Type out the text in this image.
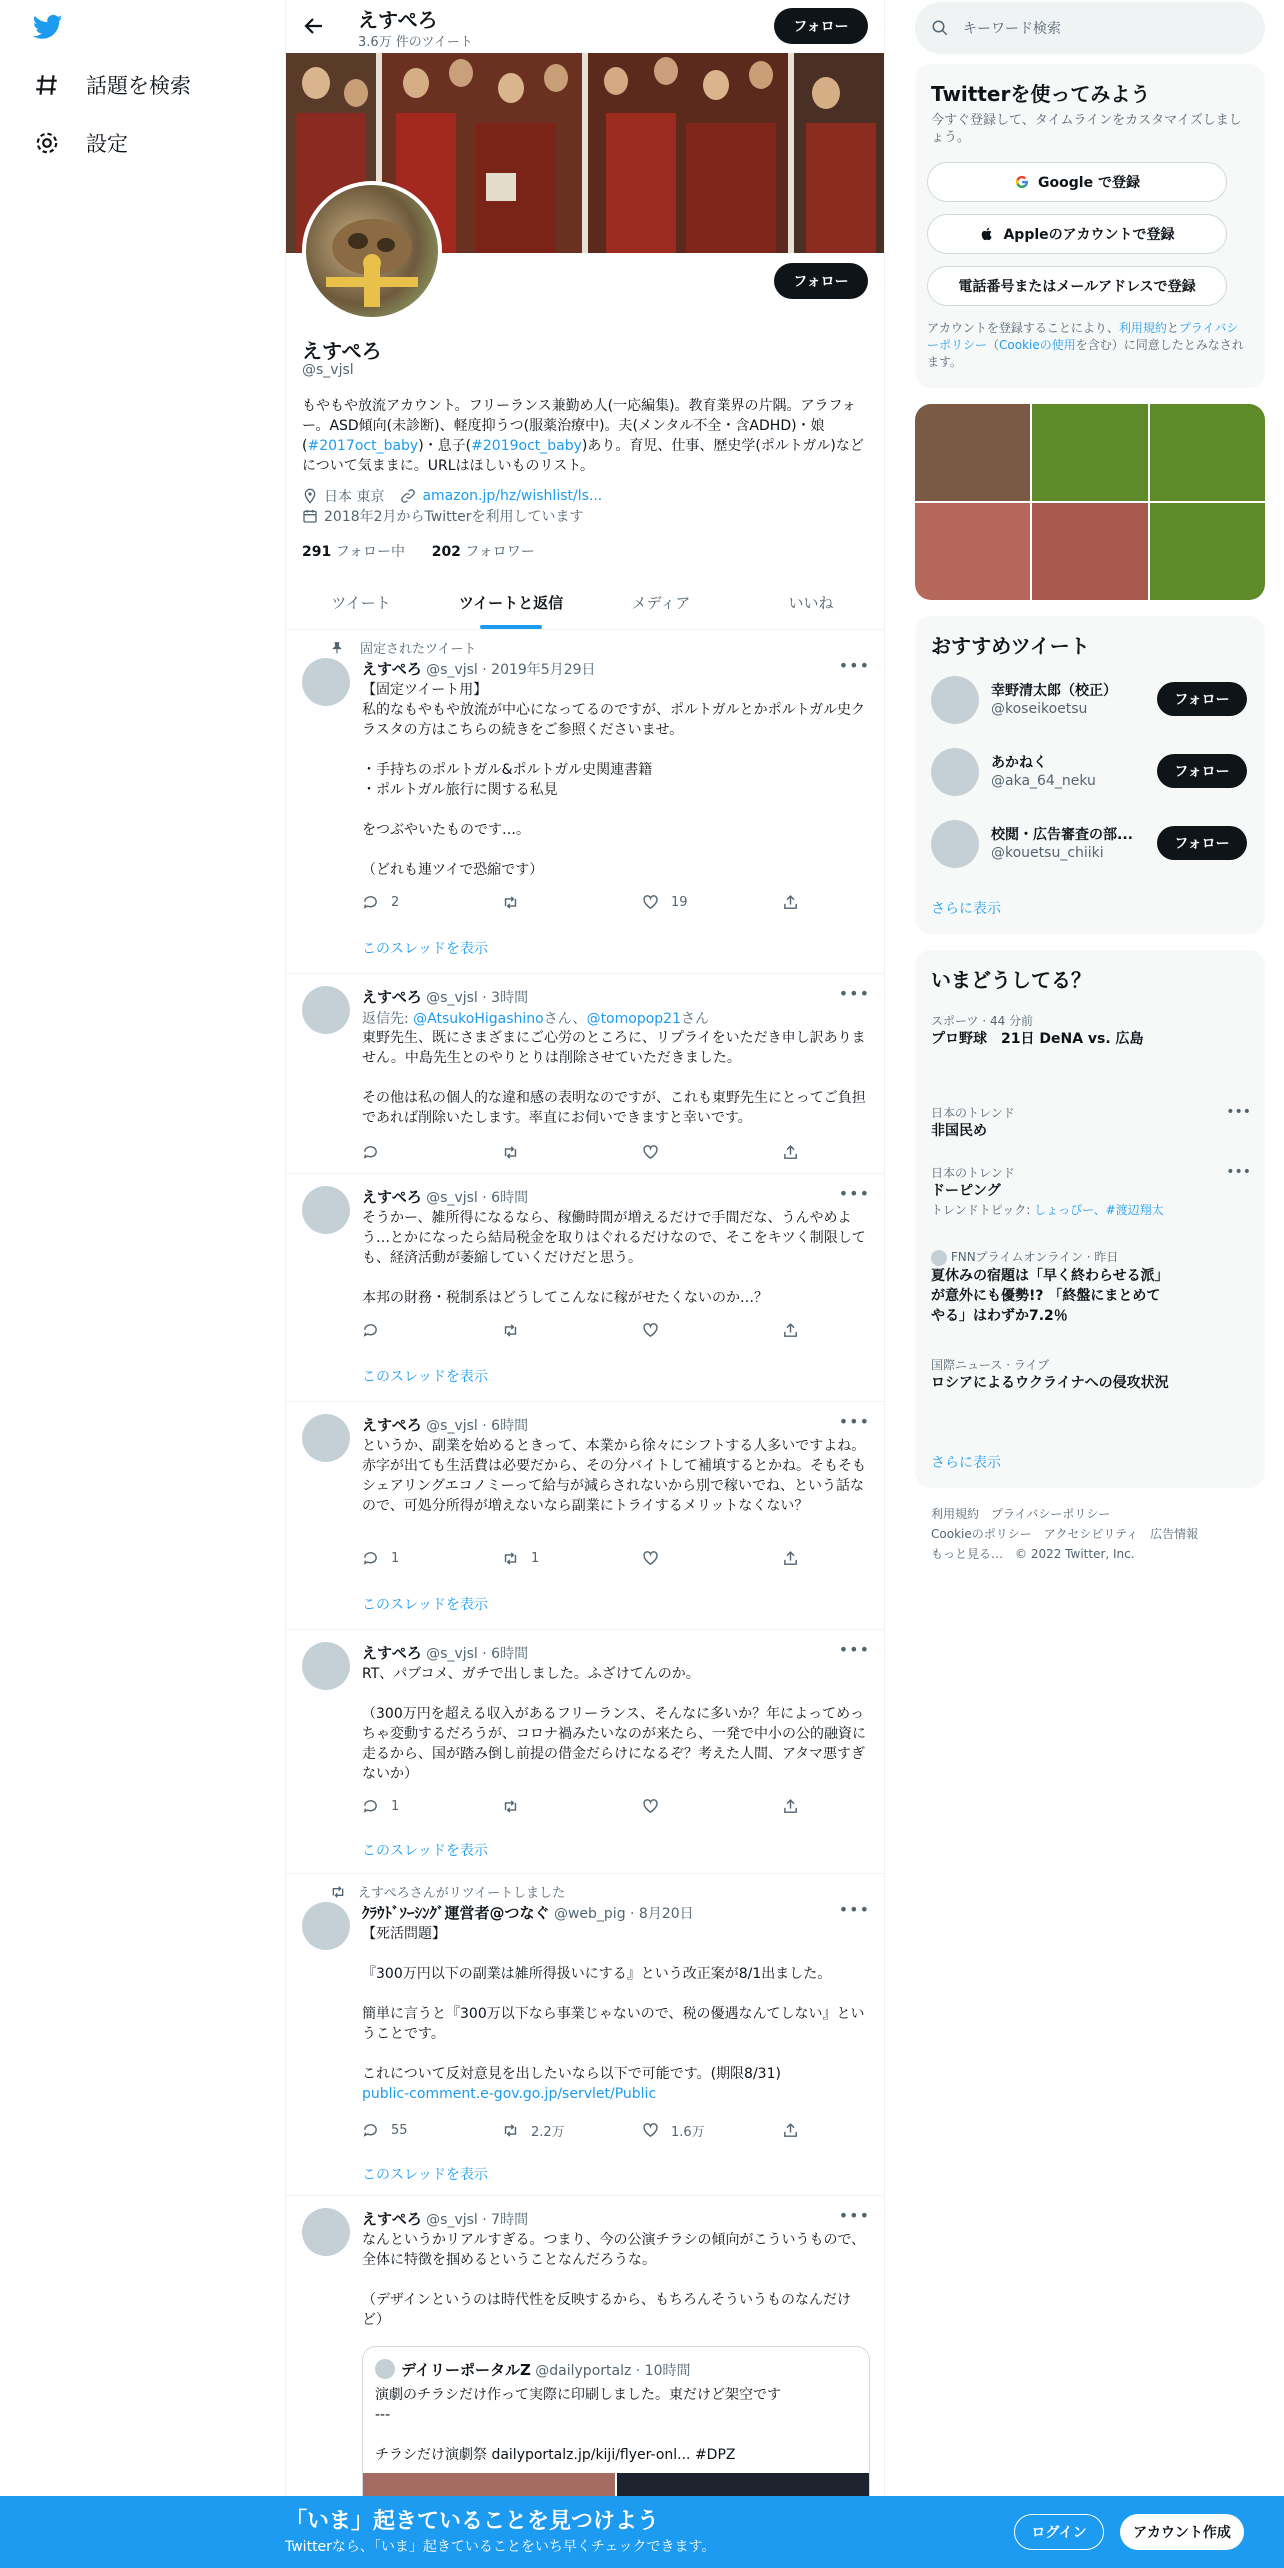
話題を検索
設定
えすぺろ
3.6万 件のツイート
フォロー
フォロー
えすぺろ
@s_vjsl
もやもや放流アカウント。フリーランス兼勤め人(一応編集)。教育業界の片隅。アラフォー。ASD傾向(未診断)、軽度抑うつ(服薬治療中)。夫(メンタル不全・含ADHD)・娘(#2017oct_baby)・息子(#2019oct_baby)あり。育児、仕事、歴史学(ポルトガル)などについて気ままに。URLはほしいものリスト。
日本 東京	amazon.jp/hz/wishlist/ls...
2018年2月からTwitterを利用しています
291 フォロー中 202 フォロワー
ツイート	ツイートと返信	メディア	いいね
固定されたツイート
えすぺろ @s_vjsl · 2019年5月29日	•••
【固定ツイート用】
私的なもやもや放流が中心になってるのですが、ポルトガルとかポルトガル史クラスタの方はこちらの続きをご参照くださいませ。

・手持ちのポルトガル&ポルトガル史関連書籍
・ポルトガル旅行に関する私見

をつぶやいたものです…。

（どれも連ツイで恐縮です）
2	19
このスレッドを表示
えすぺろ @s_vjsl · 3時間	•••
返信先: @AtsukoHigashinoさん、@tomopop21さん
東野先生、既にさまざまにご心労のところに、リプライをいただき申し訳ありません。中島先生とのやりとりは削除させていただきました。

その他は私の個人的な違和感の表明なのですが、これも東野先生にとってご負担であれば削除いたします。率直にお伺いできますと幸いです。
えすぺろ @s_vjsl · 6時間	•••
そうかー、雑所得になるなら、稼働時間が増えるだけで手間だな、うんやめよう…とかになったら結局税金を取りはぐれるだけなので、そこをキツく制限しても、経済活動が萎縮していくだけだと思う。

本邦の財務・税制系はどうしてこんなに稼がせたくないのか…？
このスレッドを表示
えすぺろ @s_vjsl · 6時間	•••
というか、副業を始めるときって、本業から徐々にシフトする人多いですよね。赤字が出ても生活費は必要だから、その分バイトして補填するとかね。そもそもシェアリングエコノミーって給与が減らされないから別で稼いでね、という話なので、可処分所得が増えないなら副業にトライするメリットなくない？
1	1
このスレッドを表示
えすぺろ @s_vjsl · 6時間	•••
RT、パブコメ、ガチで出しました。ふざけてんのか。

（300万円を超える収入があるフリーランス、そんなに多いか？年によってめっちゃ変動するだろうが、コロナ禍みたいなのが来たら、一発で中小の公的融資に走るから、国が踏み倒し前提の借金だらけになるぞ？考えた人間、アタマ悪すぎないか）
1
このスレッドを表示
えすぺろさんがリツイートしました
ｸﾗｳﾄﾞｿｰｼﾝｸﾞ運営者@つなぐ @web_pig · 8月20日	•••
【死活問題】

『300万円以下の副業は雑所得扱いにする』という改正案が8/1出ました。

簡単に言うと『300万以下なら事業じゃないので、税の優遇なんてしない』ということです。

これについて反対意見を出したいなら以下で可能です。(期限8/31)
public-comment.e-gov.go.jp/servlet/Public
55	2.2万	1.6万
このスレッドを表示
えすぺろ @s_vjsl · 7時間	•••
なんというかリアルすぎる。つまり、今の公演チラシの傾向がこういうもので、全体に特徴を掴めるということなんだろうな。

（デザインというのは時代性を反映するから、もちろんそういうものなんだけど）
デイリーポータルZ @dailyportalz · 10時間
演劇のチラシだけ作って実際に印刷しました。東だけど架空です
---

チラシだけ演劇祭 dailyportalz.jp/kiji/flyer-onl... #DPZ
キーワード検索
Twitterを使ってみよう
今すぐ登録して、タイムラインをカスタマイズしましょう。
Google で登録
Appleのアカウントで登録
電話番号またはメールアドレスで登録
アカウントを登録することにより、利用規約とプライバシーポリシー（Cookieの使用を含む）に同意したとみなされます。
おすすめツイート
幸野清太郎（校正）
@koseikoetsu
フォロー
あかねく
@aka_64_neku
フォロー
校閲・広告審査の部...
@kouetsu_chiiki
フォロー
さらに表示
いまどうしてる？
スポーツ · 44 分前
プロ野球　21日 DeNA vs. 広島
日本のトレンド
非国民め
•••
日本のトレンド
ドーピング
トレンドトピック: しょっぴー、#渡辺翔太
•••
FNNプライムオンライン · 昨日
夏休みの宿題は「早く終わらせる派」が意外にも優勢!? 「終盤にまとめてやる」はわずか7.2％
国際ニュース · ライブ
ロシアによるウクライナへの侵攻状況
さらに表示
利用規約　プライバシーポリシー
Cookieのポリシー　アクセシビリティ　広告情報
もっと見る…　© 2022 Twitter, Inc.
「いま」起きていることを見つけよう
Twitterなら、「いま」起きていることをいち早くチェックできます。
ログイン	アカウント作成
